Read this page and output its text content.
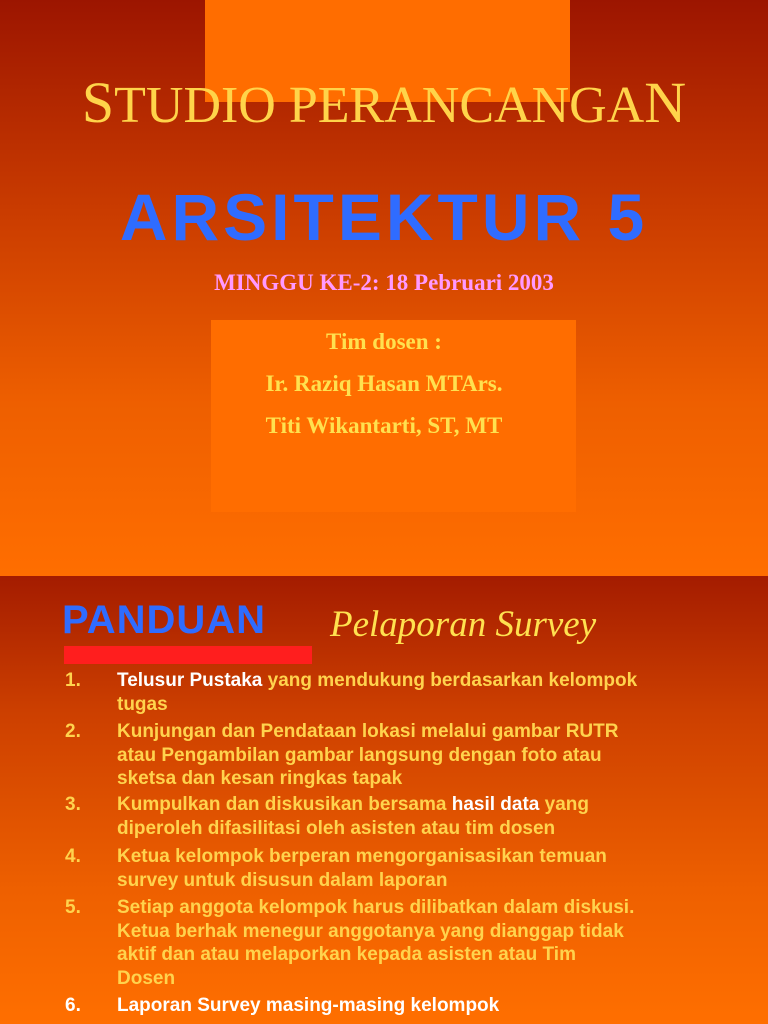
STUDIO PERANCANGAN
ARSITEKTUR 5
MINGGU KE-2: 18 Pebruari 2003
Tim dosen :
Ir. Raziq Hasan MTArs.
Titi Wikantarti, ST, MT
PANDUAN Pelaporan Survey
1. Telusur Pustaka yang mendukung berdasarkan kelompok
tugas
2. Kunjungan dan Pendataan lokasi melalui gambar RUTR
atau Pengambilan gambar langsung dengan foto atau
sketsa dan kesan ringkas tapak
3. Kumpulkan dan diskusikan bersama hasil data yang
diperoleh difasilitasi oleh asisten atau tim dosen
4. Ketua kelompok berperan mengorganisasikan temuan
survey untuk disusun dalam laporan
5. Setiap anggota kelompok harus dilibatkan dalam diskusi.
Ketua berhak menegur anggotanya yang dianggap tidak
aktif dan atau melaporkan kepada asisten atau Tim
Dosen
6. Laporan Survey masing-masing kelompok
